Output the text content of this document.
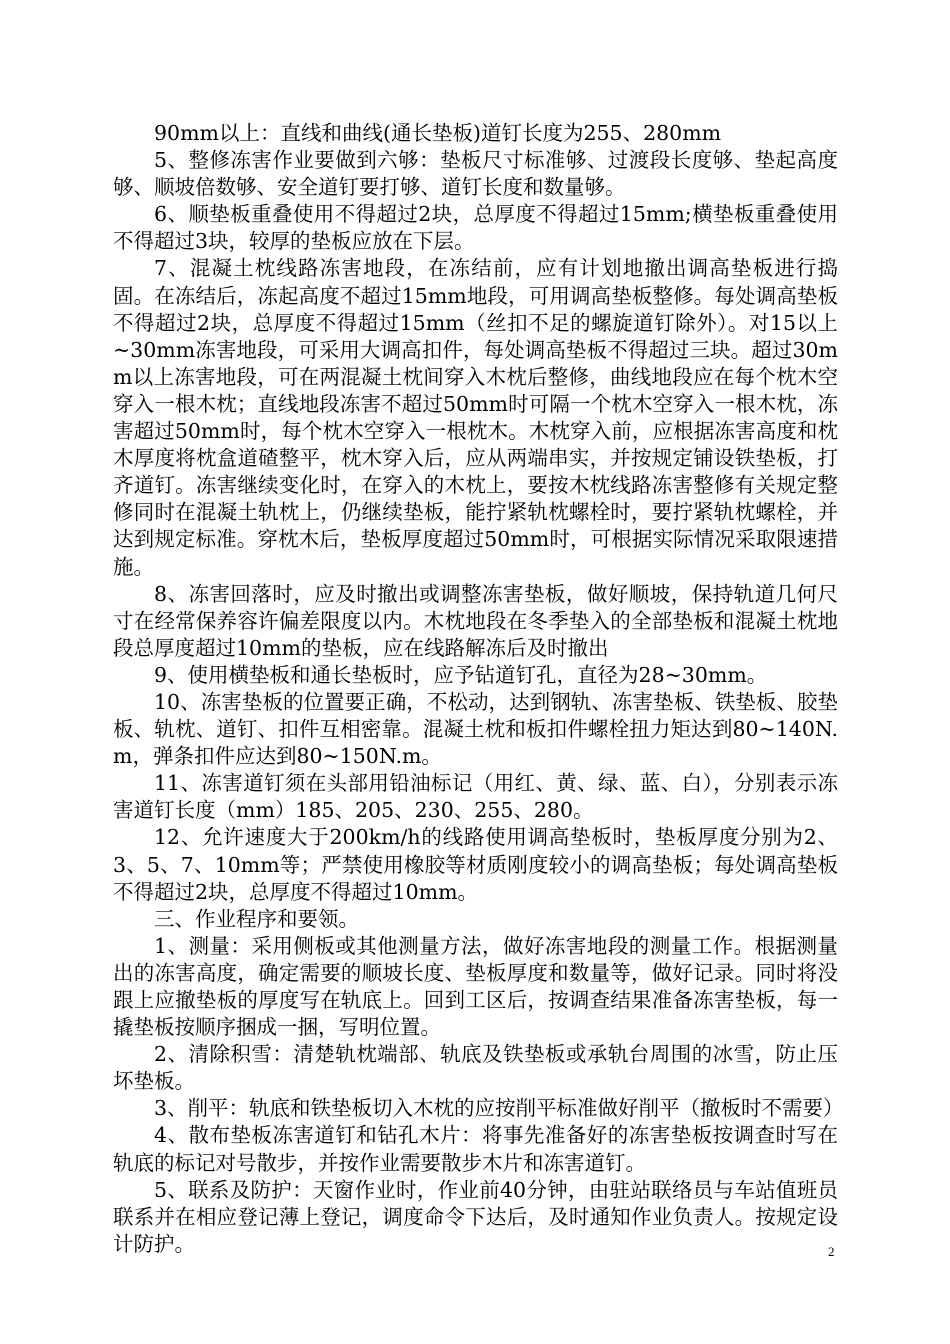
90mm以上：直线和曲线(通长垫板)道钉长度为255、280mm

5、整修冻害作业要做到六够：垫板尺寸标准够、过渡段长度够、垫起高度够、顺坡倍数够、安全道钉要打够、道钉长度和数量够。

6、顺垫板重叠使用不得超过2块，总厚度不得超过15mm;横垫板重叠使用不得超过3块，较厚的垫板应放在下层。

7、混凝土枕线路冻害地段，在冻结前，应有计划地撤出调高垫板进行捣固。在冻结后，冻起高度不超过15mm地段，可用调高垫板整修。每处调高垫板不得超过2块，总厚度不得超过15mm（丝扣不足的螺旋道钉除外）。对15以上~30mm冻害地段，可采用大调高扣件，每处调高垫板不得超过三块。超过30mm以上冻害地段，可在两混凝土枕间穿入木枕后整修，曲线地段应在每个枕木空穿入一根木枕；直线地段冻害不超过50mm时可隔一个枕木空穿入一根木枕，冻害超过50mm时，每个枕木空穿入一根枕木。木枕穿入前，应根据冻害高度和枕木厚度将枕盒道碴整平，枕木穿入后，应从两端串实，并按规定铺设铁垫板，打齐道钉。冻害继续变化时，在穿入的木枕上，要按木枕线路冻害整修有关规定整修同时在混凝土轨枕上，仍继续垫板，能拧紧轨枕螺栓时，要拧紧轨枕螺栓，并达到规定标准。穿枕木后，垫板厚度超过50mm时，可根据实际情况采取限速措施。

8、冻害回落时，应及时撤出或调整冻害垫板，做好顺坡，保持轨道几何尺寸在经常保养容许偏差限度以内。木枕地段在冬季垫入的全部垫板和混凝土枕地段总厚度超过10mm的垫板，应在线路解冻后及时撤出

9、使用横垫板和通长垫板时，应予钻道钉孔，直径为28~30mm。

10、冻害垫板的位置要正确，不松动，达到钢轨、冻害垫板、铁垫板、胶垫板、轨枕、道钉、扣件互相密靠。混凝土枕和板扣件螺栓扭力矩达到80~140N.m，弹条扣件应达到80~150N.m。

11、冻害道钉须在头部用铅油标记（用红、黄、绿、蓝、白），分别表示冻害道钉长度（mm）185、205、230、255、280。

12、允许速度大于200km/h的线路使用调高垫板时，垫板厚度分别为2、3、5、7、10mm等；严禁使用橡胶等材质刚度较小的调高垫板；每处调高垫板不得超过2块，总厚度不得超过10mm。

三、作业程序和要领。

1、测量：采用侧板或其他测量方法，做好冻害地段的测量工作。根据测量出的冻害高度，确定需要的顺坡长度、垫板厚度和数量等，做好记录。同时将没跟上应撤垫板的厚度写在轨底上。回到工区后，按调查结果准备冻害垫板，每一撬垫板按顺序捆成一捆，写明位置。

2、清除积雪：清楚轨枕端部、轨底及铁垫板或承轨台周围的冰雪，防止压坏垫板。

3、削平：轨底和铁垫板切入木枕的应按削平标准做好削平（撤板时不需要）

4、散布垫板冻害道钉和钻孔木片：将事先准备好的冻害垫板按调查时写在轨底的标记对号散步，并按作业需要散步木片和冻害道钉。

5、联系及防护：天窗作业时，作业前40分钟，由驻站联络员与车站值班员联系并在相应登记薄上登记，调度命令下达后，及时通知作业负责人。按规定设计防护。	2
